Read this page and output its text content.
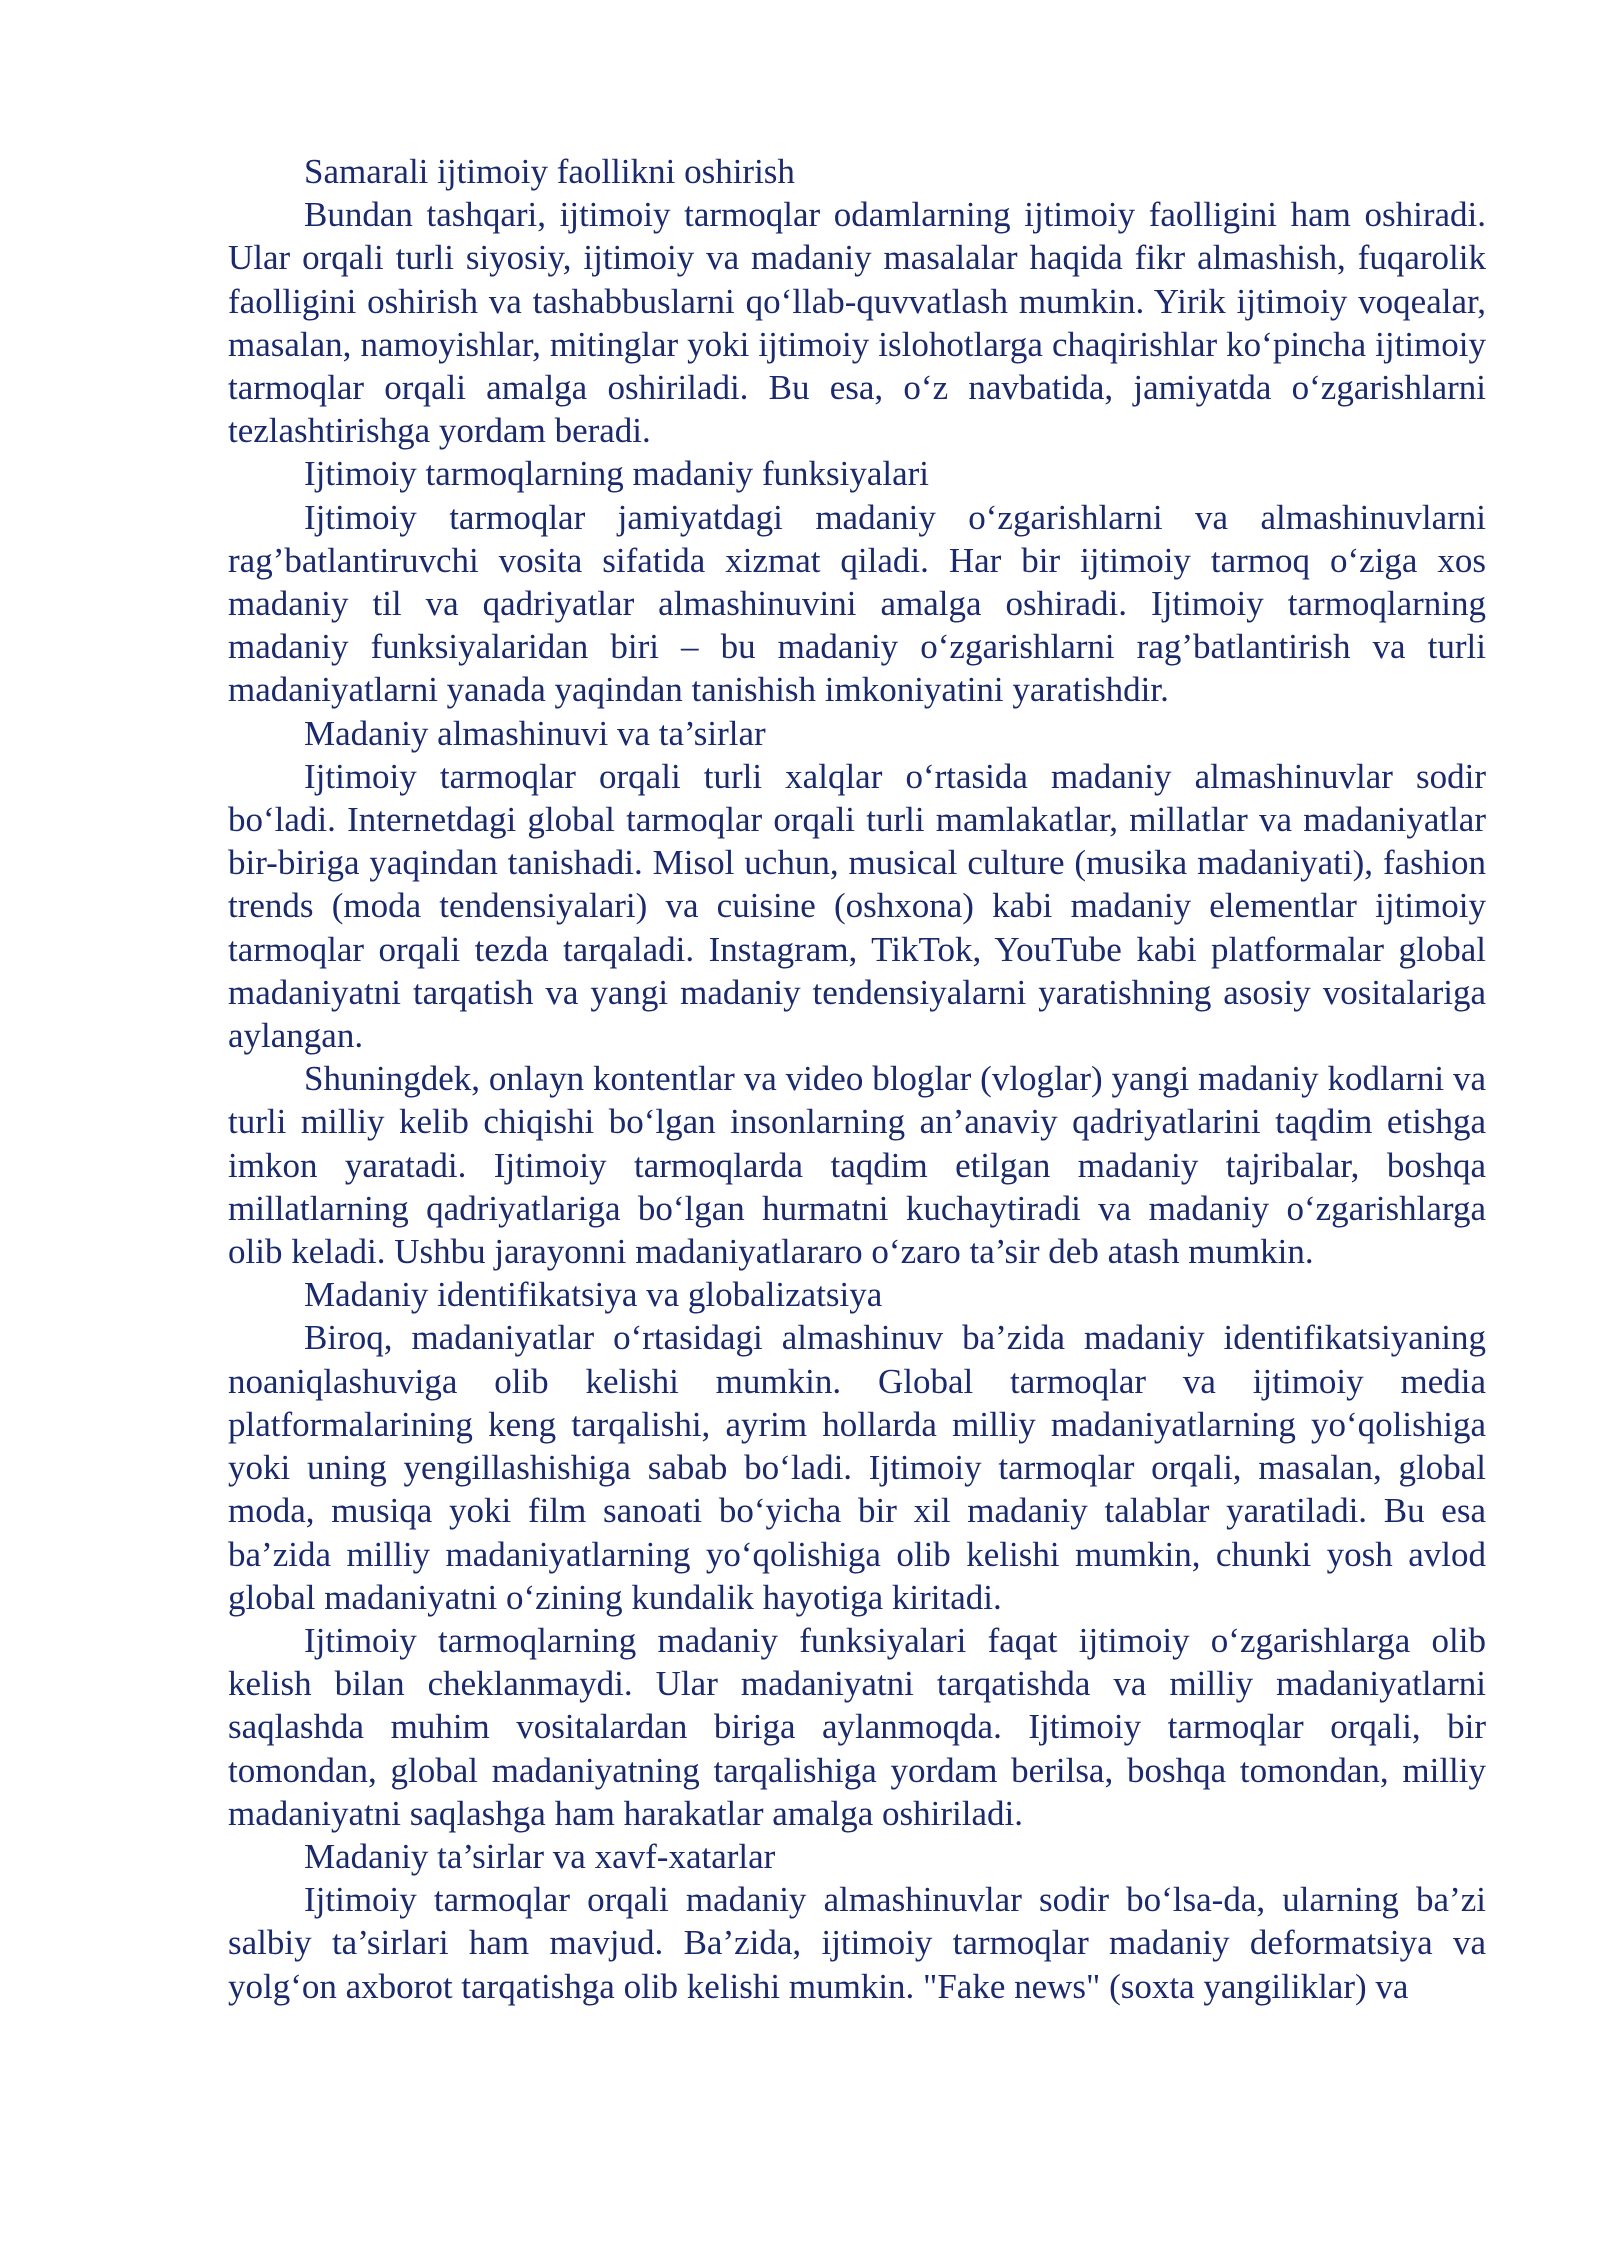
Samarali ijtimoiy faollikni oshirish

Bundan tashqari, ijtimoiy tarmoqlar odamlarning ijtimoiy faolligini ham oshiradi. Ular orqali turli siyosiy, ijtimoiy va madaniy masalalar haqida fikr almashish, fuqarolik faolligini oshirish va tashabbuslarni qo‘llab-quvvatlash mumkin. Yirik ijtimoiy voqealar, masalan, namoyishlar, mitinglar yoki ijtimoiy islohotlarga chaqirishlar ko‘pincha ijtimoiy tarmoqlar orqali amalga oshiriladi. Bu esa, o‘z navbatida, jamiyatda o‘zgarishlarni tezlashtirishga yordam beradi.

Ijtimoiy tarmoqlarning madaniy funksiyalari

Ijtimoiy tarmoqlar jamiyatdagi madaniy o‘zgarishlarni va almashinuvlarni rag’batlantiruvchi vosita sifatida xizmat qiladi. Har bir ijtimoiy tarmoq o‘ziga xos madaniy til va qadriyatlar almashinuvini amalga oshiradi. Ijtimoiy tarmoqlarning madaniy funksiyalaridan biri – bu madaniy o‘zgarishlarni rag’batlantirish va turli madaniyatlarni yanada yaqindan tanishish imkoniyatini yaratishdir.

Madaniy almashinuvi va ta’sirlar

Ijtimoiy tarmoqlar orqali turli xalqlar o‘rtasida madaniy almashinuvlar sodir bo‘ladi. Internetdagi global tarmoqlar orqali turli mamlakatlar, millatlar va madaniyatlar bir-biriga yaqindan tanishadi. Misol uchun, musical culture (musika madaniyati), fashion trends (moda tendensiyalari) va cuisine (oshxona) kabi madaniy elementlar ijtimoiy tarmoqlar orqali tezda tarqaladi. Instagram, TikTok, YouTube kabi platformalar global madaniyatni tarqatish va yangi madaniy tendensiyalarni yaratishning asosiy vositalariga aylangan.

Shuningdek, onlayn kontentlar va video bloglar (vloglar) yangi madaniy kodlarni va turli milliy kelib chiqishi bo‘lgan insonlarning an’anaviy qadriyatlarini taqdim etishga imkon yaratadi. Ijtimoiy tarmoqlarda taqdim etilgan madaniy tajribalar, boshqa millatlarning qadriyatlariga bo‘lgan hurmatni kuchaytiradi va madaniy o‘zgarishlarga olib keladi. Ushbu jarayonni madaniyatlararo o‘zaro ta’sir deb atash mumkin.

Madaniy identifikatsiya va globalizatsiya

Biroq, madaniyatlar o‘rtasidagi almashinuv ba’zida madaniy identifikatsiyaning noaniqlashuviga olib kelishi mumkin. Global tarmoqlar va ijtimoiy media platformalarining keng tarqalishi, ayrim hollarda milliy madaniyatlarning yo‘qolishiga yoki uning yengillashishiga sabab bo‘ladi. Ijtimoiy tarmoqlar orqali, masalan, global moda, musiqa yoki film sanoati bo‘yicha bir xil madaniy talablar yaratiladi. Bu esa ba’zida milliy madaniyatlarning yo‘qolishiga olib kelishi mumkin, chunki yosh avlod global madaniyatni o‘zining kundalik hayotiga kiritadi.

Ijtimoiy tarmoqlarning madaniy funksiyalari faqat ijtimoiy o‘zgarishlarga olib kelish bilan cheklanmaydi. Ular madaniyatni tarqatishda va milliy madaniyatlarni saqlashda muhim vositalardan biriga aylanmoqda. Ijtimoiy tarmoqlar orqali, bir tomondan, global madaniyatning tarqalishiga yordam berilsa, boshqa tomondan, milliy madaniyatni saqlashga ham harakatlar amalga oshiriladi.

Madaniy ta’sirlar va xavf-xatarlar

Ijtimoiy tarmoqlar orqali madaniy almashinuvlar sodir bo‘lsa-da, ularning ba’zi salbiy ta’sirlari ham mavjud. Ba’zida, ijtimoiy tarmoqlar madaniy deformatsiya va yolg‘on axborot tarqatishga olib kelishi mumkin. "Fake news" (soxta yangiliklar) va
